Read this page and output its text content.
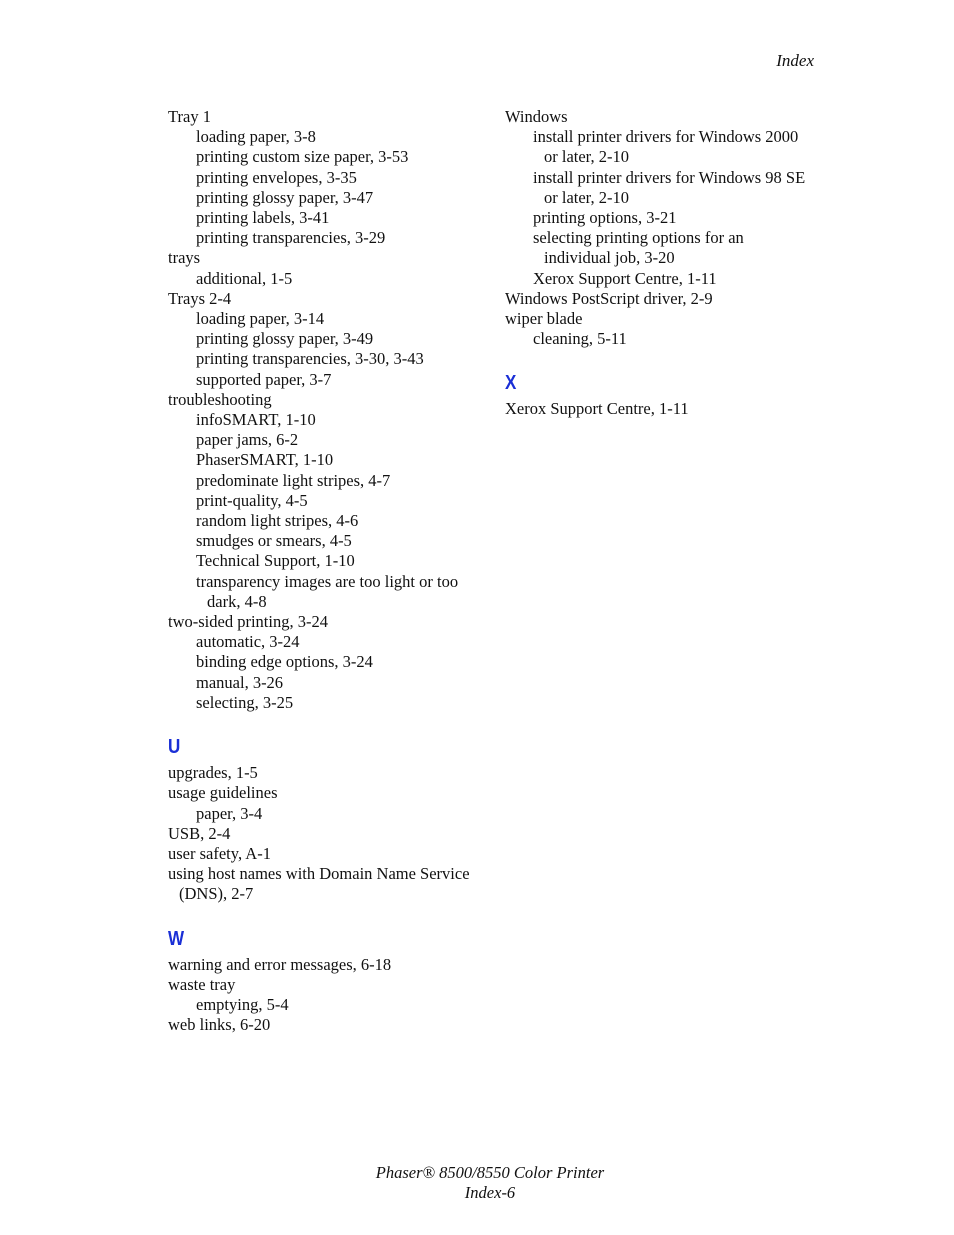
Index
Tray 1
loading paper, 3-8
printing custom size paper, 3-53
printing envelopes, 3-35
printing glossy paper, 3-47
printing labels, 3-41
printing transparencies, 3-29
trays
additional, 1-5
Trays 2-4
loading paper, 3-14
printing glossy paper, 3-49
printing transparencies, 3-30, 3-43
supported paper, 3-7
troubleshooting
infoSMART, 1-10
paper jams, 6-2
PhaserSMART, 1-10
predominate light stripes, 4-7
print-quality, 4-5
random light stripes, 4-6
smudges or smears, 4-5
Technical Support, 1-10
transparency images are too light or too
dark, 4-8
two-sided printing, 3-24
automatic, 3-24
binding edge options, 3-24
manual, 3-26
selecting, 3-25
U
upgrades, 1-5
usage guidelines
paper, 3-4
USB, 2-4
user safety, A-1
using host names with Domain Name Service
(DNS), 2-7
W
warning and error messages, 6-18
waste tray
emptying, 5-4
web links, 6-20
Windows
install printer drivers for Windows 2000
or later, 2-10
install printer drivers for Windows 98 SE
or later, 2-10
printing options, 3-21
selecting printing options for an
individual job, 3-20
Xerox Support Centre, 1-11
Windows PostScript driver, 2-9
wiper blade
cleaning, 5-11
X
Xerox Support Centre, 1-11
Phaser® 8500/8550 Color Printer
Index-6
